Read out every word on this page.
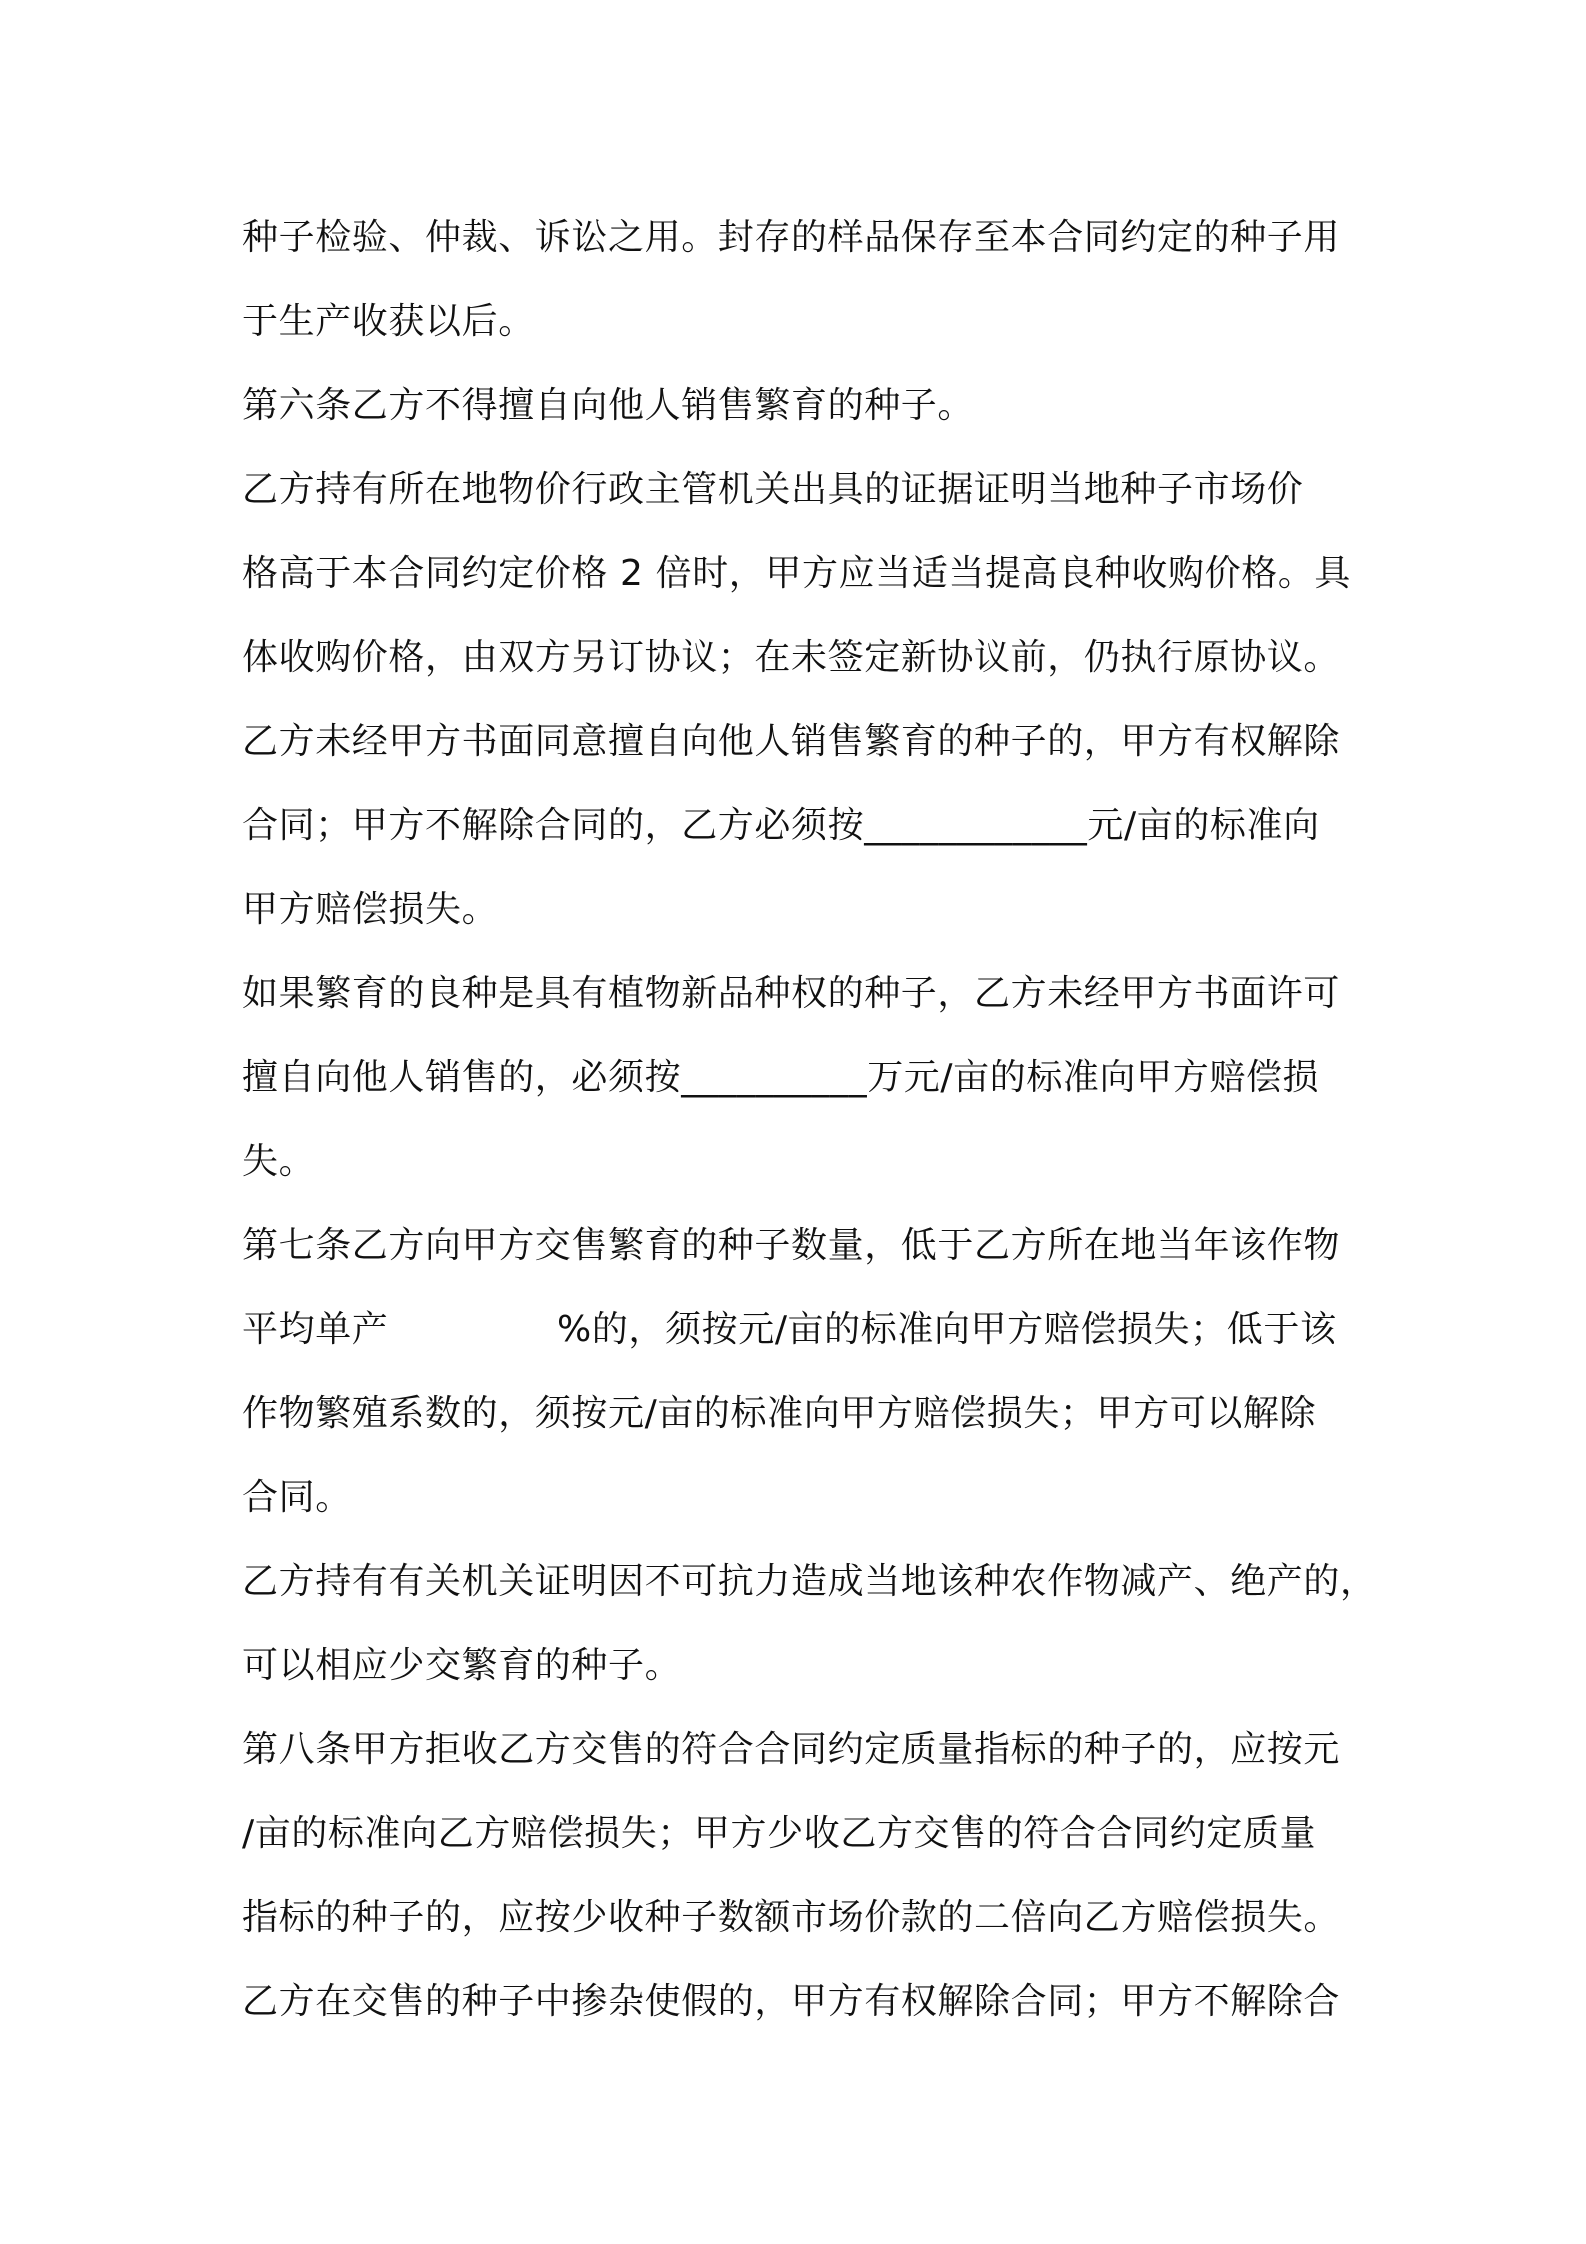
种子检验、仲裁、诉讼之用。封存的样品保存至本合同约定的种子用
于生产收获以后。
第六条乙方不得擅自向他人销售繁育的种子。
乙方持有所在地物价行政主管机关出具的证据证明当地种子市场价
格高于本合同约定价格 2 倍时，甲方应当适当提高良种收购价格。具
体收购价格，由双方另订协议；在未签定新协议前，仍执行原协议。
乙方未经甲方书面同意擅自向他人销售繁育的种子的，甲方有权解除
合同；甲方不解除合同的，乙方必须按____________元/亩的标准向
甲方赔偿损失。
如果繁育的良种是具有植物新品种权的种子，乙方未经甲方书面许可
擅自向他人销售的，必须按__________万元/亩的标准向甲方赔偿损
失。
第七条乙方向甲方交售繁育的种子数量，低于乙方所在地当年该作物
平均单产              %的，须按元/亩的标准向甲方赔偿损失；低于该
作物繁殖系数的，须按元/亩的标准向甲方赔偿损失；甲方可以解除
合同。
乙方持有有关机关证明因不可抗力造成当地该种农作物减产、绝产的，
可以相应少交繁育的种子。
第八条甲方拒收乙方交售的符合合同约定质量指标的种子的，应按元
/亩的标准向乙方赔偿损失；甲方少收乙方交售的符合合同约定质量
指标的种子的，应按少收种子数额市场价款的二倍向乙方赔偿损失。
乙方在交售的种子中掺杂使假的，甲方有权解除合同；甲方不解除合
